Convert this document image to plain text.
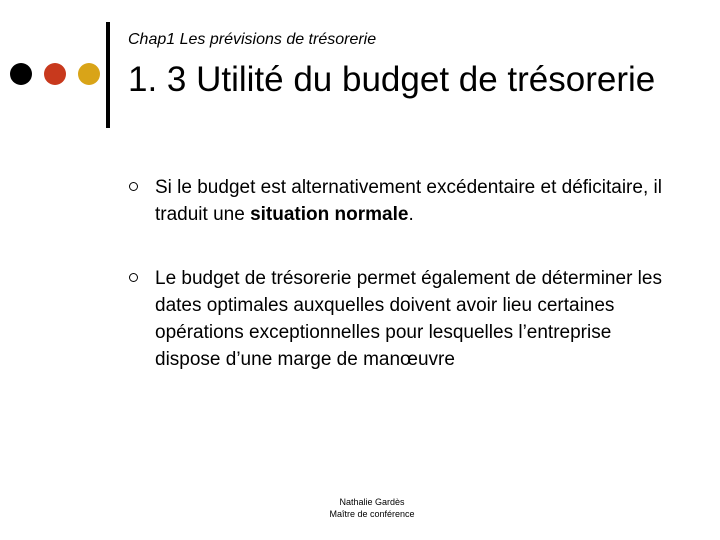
Chap1 Les prévisions de trésorerie
1. 3 Utilité du budget de trésorerie
Si le budget est alternativement excédentaire et déficitaire, il traduit une situation normale.
Le budget de trésorerie permet également de déterminer les dates optimales auxquelles doivent avoir lieu certaines opérations exceptionnelles pour lesquelles l’entreprise dispose d’une marge de manœuvre
Nathalie Gardès
Maître de conférence
